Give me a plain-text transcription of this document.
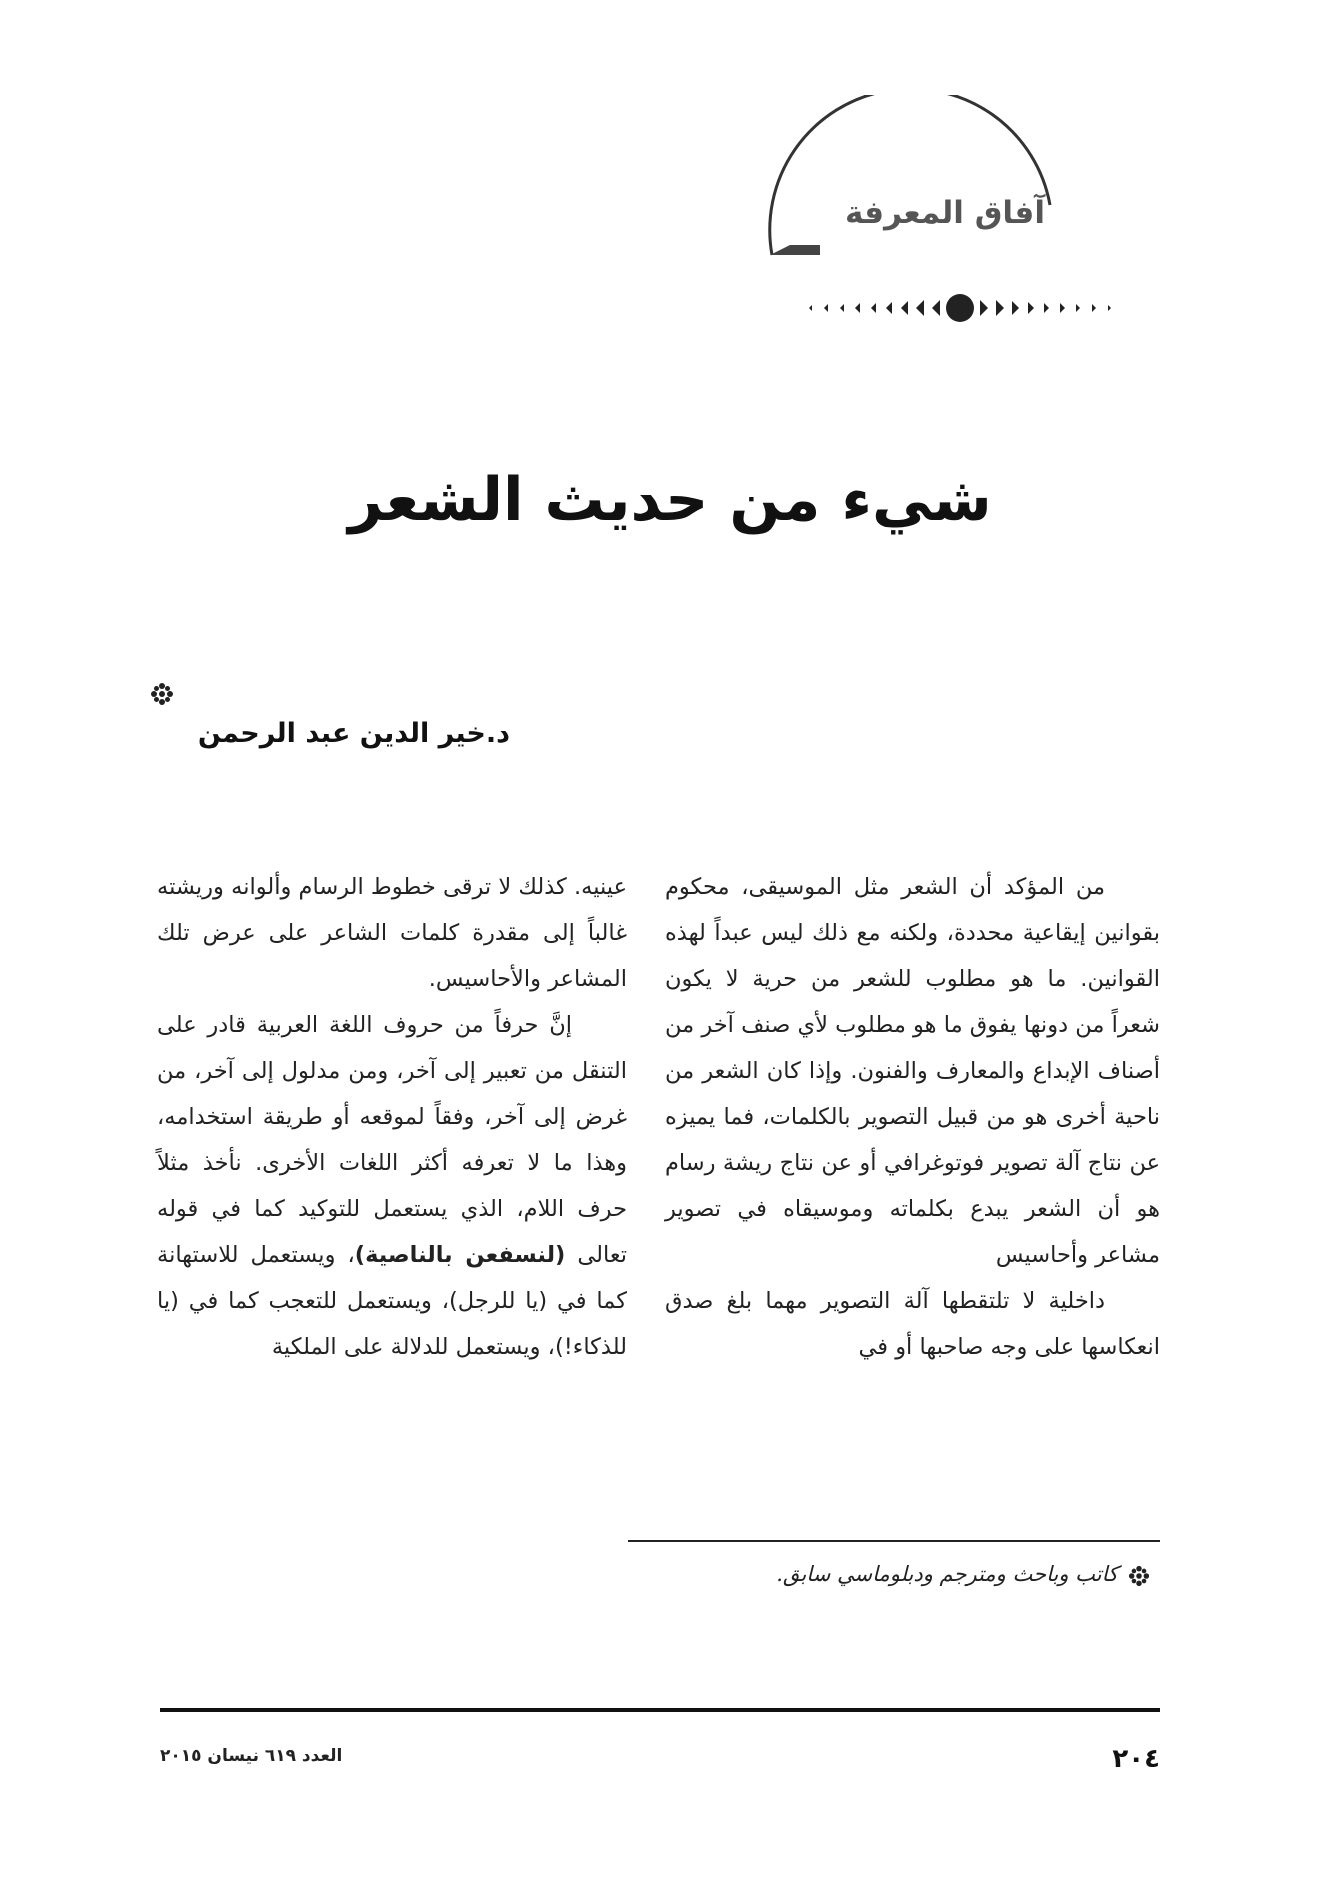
آفاق المعرفة
شيء من حديث الشعر
د.خير الدين عبد الرحمن

من المؤكد أن الشعر مثل الموسيقى، محكوم بقوانين إيقاعية محددة، ولكنه مع ذلك ليس عبداً لهذه القوانين. ما هو مطلوب للشعر من حرية لا يكون شعراً من دونها يفوق ما هو مطلوب لأي صنف آخر من أصناف الإبداع والمعارف والفنون. وإذا كان الشعر من ناحية أخرى هو من قبيل التصوير بالكلمات، فما يميزه عن نتاج آلة تصوير فوتوغرافي أو عن نتاج ريشة رسام هو أن الشعر يبدع بكلماته وموسيقاه في تصوير مشاعر وأحاسيس

داخلية لا تلتقطها آلة التصوير مهما بلغ صدق انعكاسها على وجه صاحبها أو في

عينيه. كذلك لا ترقى خطوط الرسام وألوانه وريشته غالباً إلى مقدرة كلمات الشاعر على عرض تلك المشاعر والأحاسيس.

إنَّ حرفاً من حروف اللغة العربية قادر على التنقل من تعبير إلى آخر، ومن مدلول إلى آخر، من غرض إلى آخر، وفقاً لموقعه أو طريقة استخدامه، وهذا ما لا تعرفه أكثر اللغات الأخرى. نأخذ مثلاً حرف اللام، الذي يستعمل للتوكيد كما في قوله تعالى (لنسفعن بالناصية)، ويستعمل للاستهانة كما في (يا للرجل)، ويستعمل للتعجب كما في (يا للذكاء!)، ويستعمل للدلالة على الملكية

كاتب وباحث ومترجم ودبلوماسي سابق.
٢٠٤
العدد ٦١٩ نيسان ٢٠١٥
